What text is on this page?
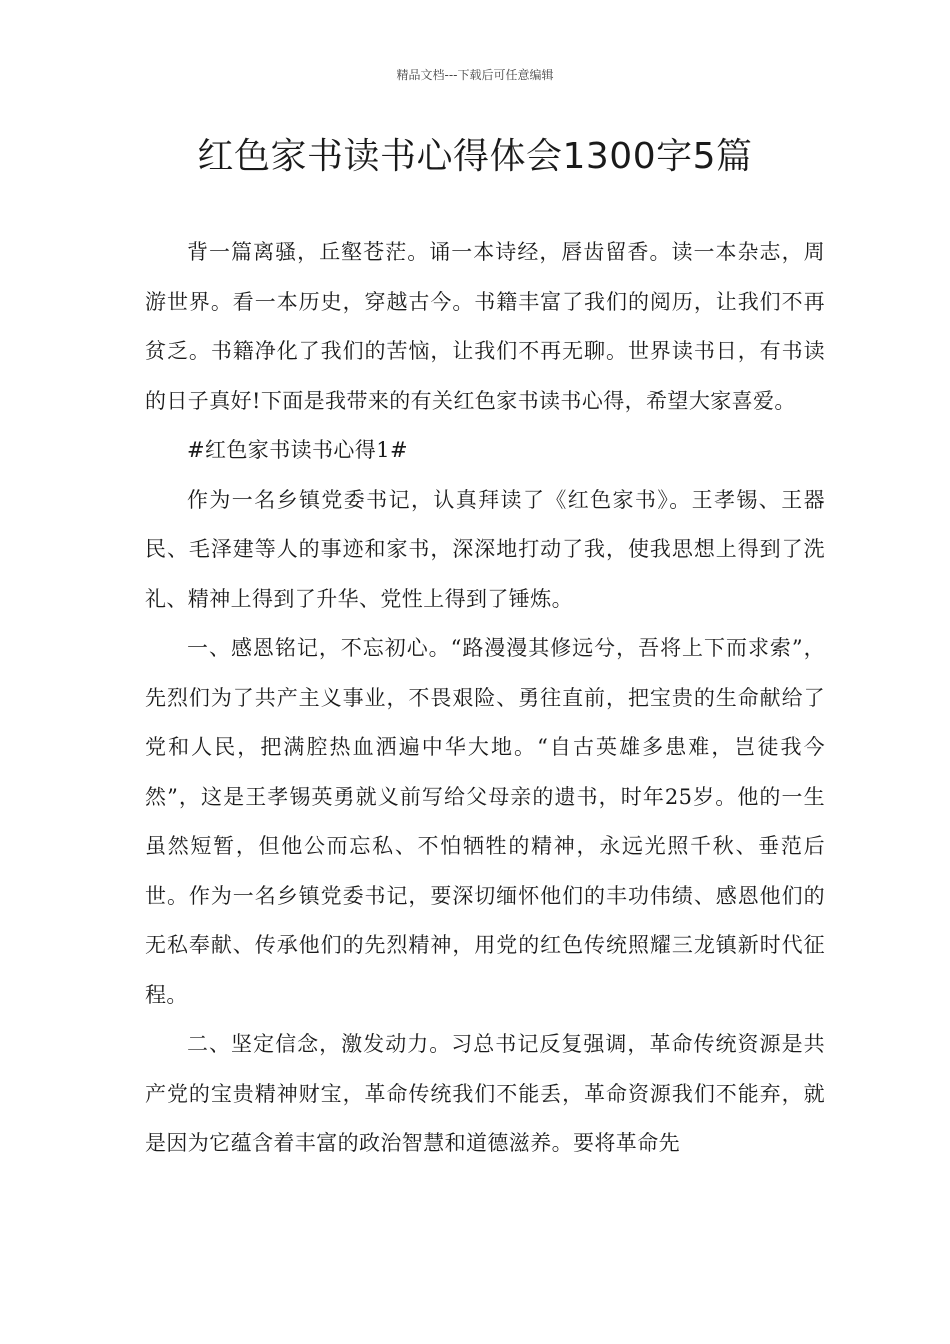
精品文档---下载后可任意编辑
红色家书读书心得体会1300字5篇

背一篇离骚，丘壑苍茫。诵一本诗经，唇齿留香。读一本杂志，周游世界。看一本历史，穿越古今。书籍丰富了我们的阅历，让我们不再贫乏。书籍净化了我们的苦恼，让我们不再无聊。世界读书日，有书读的日子真好!下面是我带来的有关红色家书读书心得，希望大家喜爱。

#红色家书读书心得1#

作为一名乡镇党委书记，认真拜读了《红色家书》。王孝锡、王器民、毛泽建等人的事迹和家书，深深地打动了我，使我思想上得到了洗礼、精神上得到了升华、党性上得到了锤炼。

一、感恩铭记，不忘初心。“路漫漫其修远兮，吾将上下而求索”，先烈们为了共产主义事业，不畏艰险、勇往直前，把宝贵的生命献给了党和人民，把满腔热血洒遍中华大地。“自古英雄多患难，岂徒我今然”，这是王孝锡英勇就义前写给父母亲的遗书，时年25岁。他的一生虽然短暂，但他公而忘私、不怕牺牲的精神，永远光照千秋、垂范后世。作为一名乡镇党委书记，要深切缅怀他们的丰功伟绩、感恩他们的无私奉献、传承他们的先烈精神，用党的红色传统照耀三龙镇新时代征程。

二、坚定信念，激发动力。习总书记反复强调，革命传统资源是共产党的宝贵精神财宝，革命传统我们不能丢，革命资源我们不能弃，就是因为它蕴含着丰富的政治智慧和道德滋养。要将革命先
